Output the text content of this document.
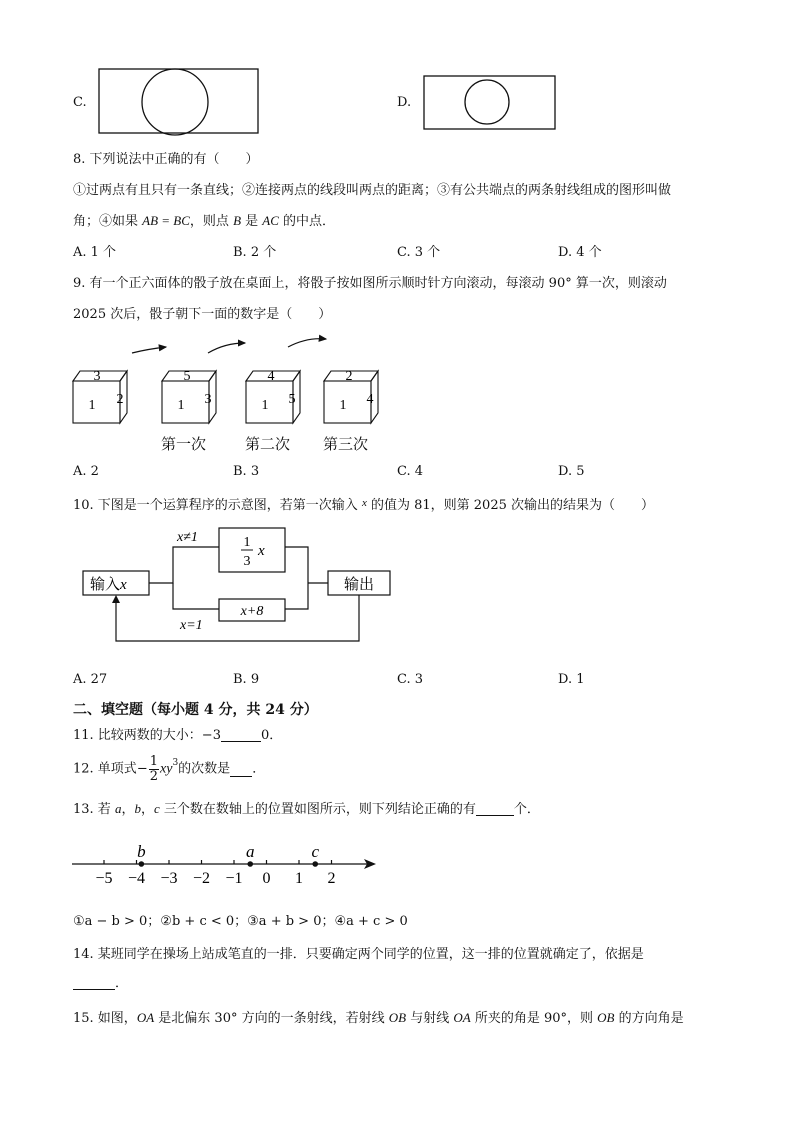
C.	D.
8. 下列说法中正确的有（　　）
①过两点有且只有一条直线；②连接两点的线段叫两点的距离；③有公共端点的两条射线组成的图形叫做
角；④如果 AB = BC，则点 B 是 AC 的中点．
A. 1 个	B. 2 个	C. 3 个	D. 4 个
9. 有一个正六面体的骰子放在桌面上，将骰子按如图所示顺时针方向滚动，每滚动 90° 算一次，则滚动
2025 次后，骰子朝下一面的数字是（　　）
3
1 2
5
1 3
4
1 5
2
1 4
第一次	第二次 第三次
A. 2	B. 3	C. 4	D. 5
10. 下图是一个运算程序的示意图，若第一次输入 $^x$ 的值为 81，则第 2025 次输出的结果为（　　）
输入x
1
3
x
x+8
输出
x≠1
x=1
A. 27	B. 9	C. 3	D. 1
二、填空题（每小题 4 分，共 24 分）
11. 比较两数的大小：−3	0．
12. 单项式− $\frac{1}{2} xy^3$的次数是 ．
13. 若 a，b，c 三个数在数轴上的位置如图所示，则下列结论正确的有	个．
−5 −4 −3 −2 −1 0 1 2
b	a	c
①a − b > 0；②b + c < 0；③a + b > 0；④a + c > 0
14. 某班同学在操场上站成笔直的一排．只要确定两个同学的位置，这一排的位置就确定了，依据是
．
15. 如图，OA 是北偏东 30° 方向的一条射线，若射线 OB 与射线 OA 所夹的角是 90°，则 OB 的方向角是
